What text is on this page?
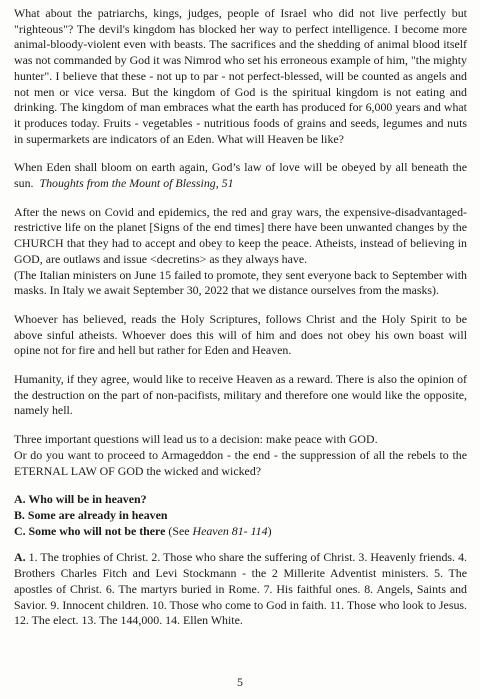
What about the patriarchs, kings, judges, people of Israel who did not live perfectly but "righteous"? The devil's kingdom has blocked her way to perfect intelligence. I become more animal-bloody-violent even with beasts. The sacrifices and the shedding of animal blood itself was not commanded by God it was Nimrod who set his erroneous example of him, "the mighty hunter". I believe that these - not up to par - not perfect-blessed, will be counted as angels and not men or vice versa. But the kingdom of God is the spiritual kingdom is not eating and drinking. The kingdom of man embraces what the earth has produced for 6,000 years and what it produces today. Fruits - vegetables - nutritious foods of grains and seeds, legumes and nuts in supermarkets are indicators of an Eden. What will Heaven be like?

When Eden shall bloom on earth again, God’s law of love will be obeyed by all beneath the sun. Thoughts from the Mount of Blessing, 51

After the news on Covid and epidemics, the red and gray wars, the expensive-disadvantaged-restrictive life on the planet [Signs of the end times] there have been unwanted changes by the CHURCH that they had to accept and obey to keep the peace. Atheists, instead of believing in GOD, are outlaws and issue <decretins> as they always have.

(The Italian ministers on June 15 failed to promote, they sent everyone back to September with masks. In Italy we await September 30, 2022 that we distance ourselves from the masks).

Whoever has believed, reads the Holy Scriptures, follows Christ and the Holy Spirit to be above sinful atheists. Whoever does this will of him and does not obey his own boast will opine not for fire and hell but rather for Eden and Heaven.

Humanity, if they agree, would like to receive Heaven as a reward. There is also the opinion of the destruction on the part of non-pacifists, military and therefore one would like the opposite, namely hell.

Three important questions will lead us to a decision: make peace with GOD.

Or do you want to proceed to Armageddon - the end - the suppression of all the rebels to the ETERNAL LAW OF GOD the wicked and wicked?

A. Who will be in heaven?

B. Some are already in heaven

C. Some who will not be there (See Heaven 81- 114)

A. 1. The trophies of Christ. 2. Those who share the suffering of Christ. 3. Heavenly friends. 4. Brothers Charles Fitch and Levi Stockmann - the 2 Millerite Adventist ministers. 5. The apostles of Christ. 6. The martyrs buried in Rome. 7. His faithful ones. 8. Angels, Saints and Savior. 9. Innocent children. 10. Those who come to God in faith. 11. Those who look to Jesus. 12. The elect. 13. The 144,000. 14. Ellen White.

5
